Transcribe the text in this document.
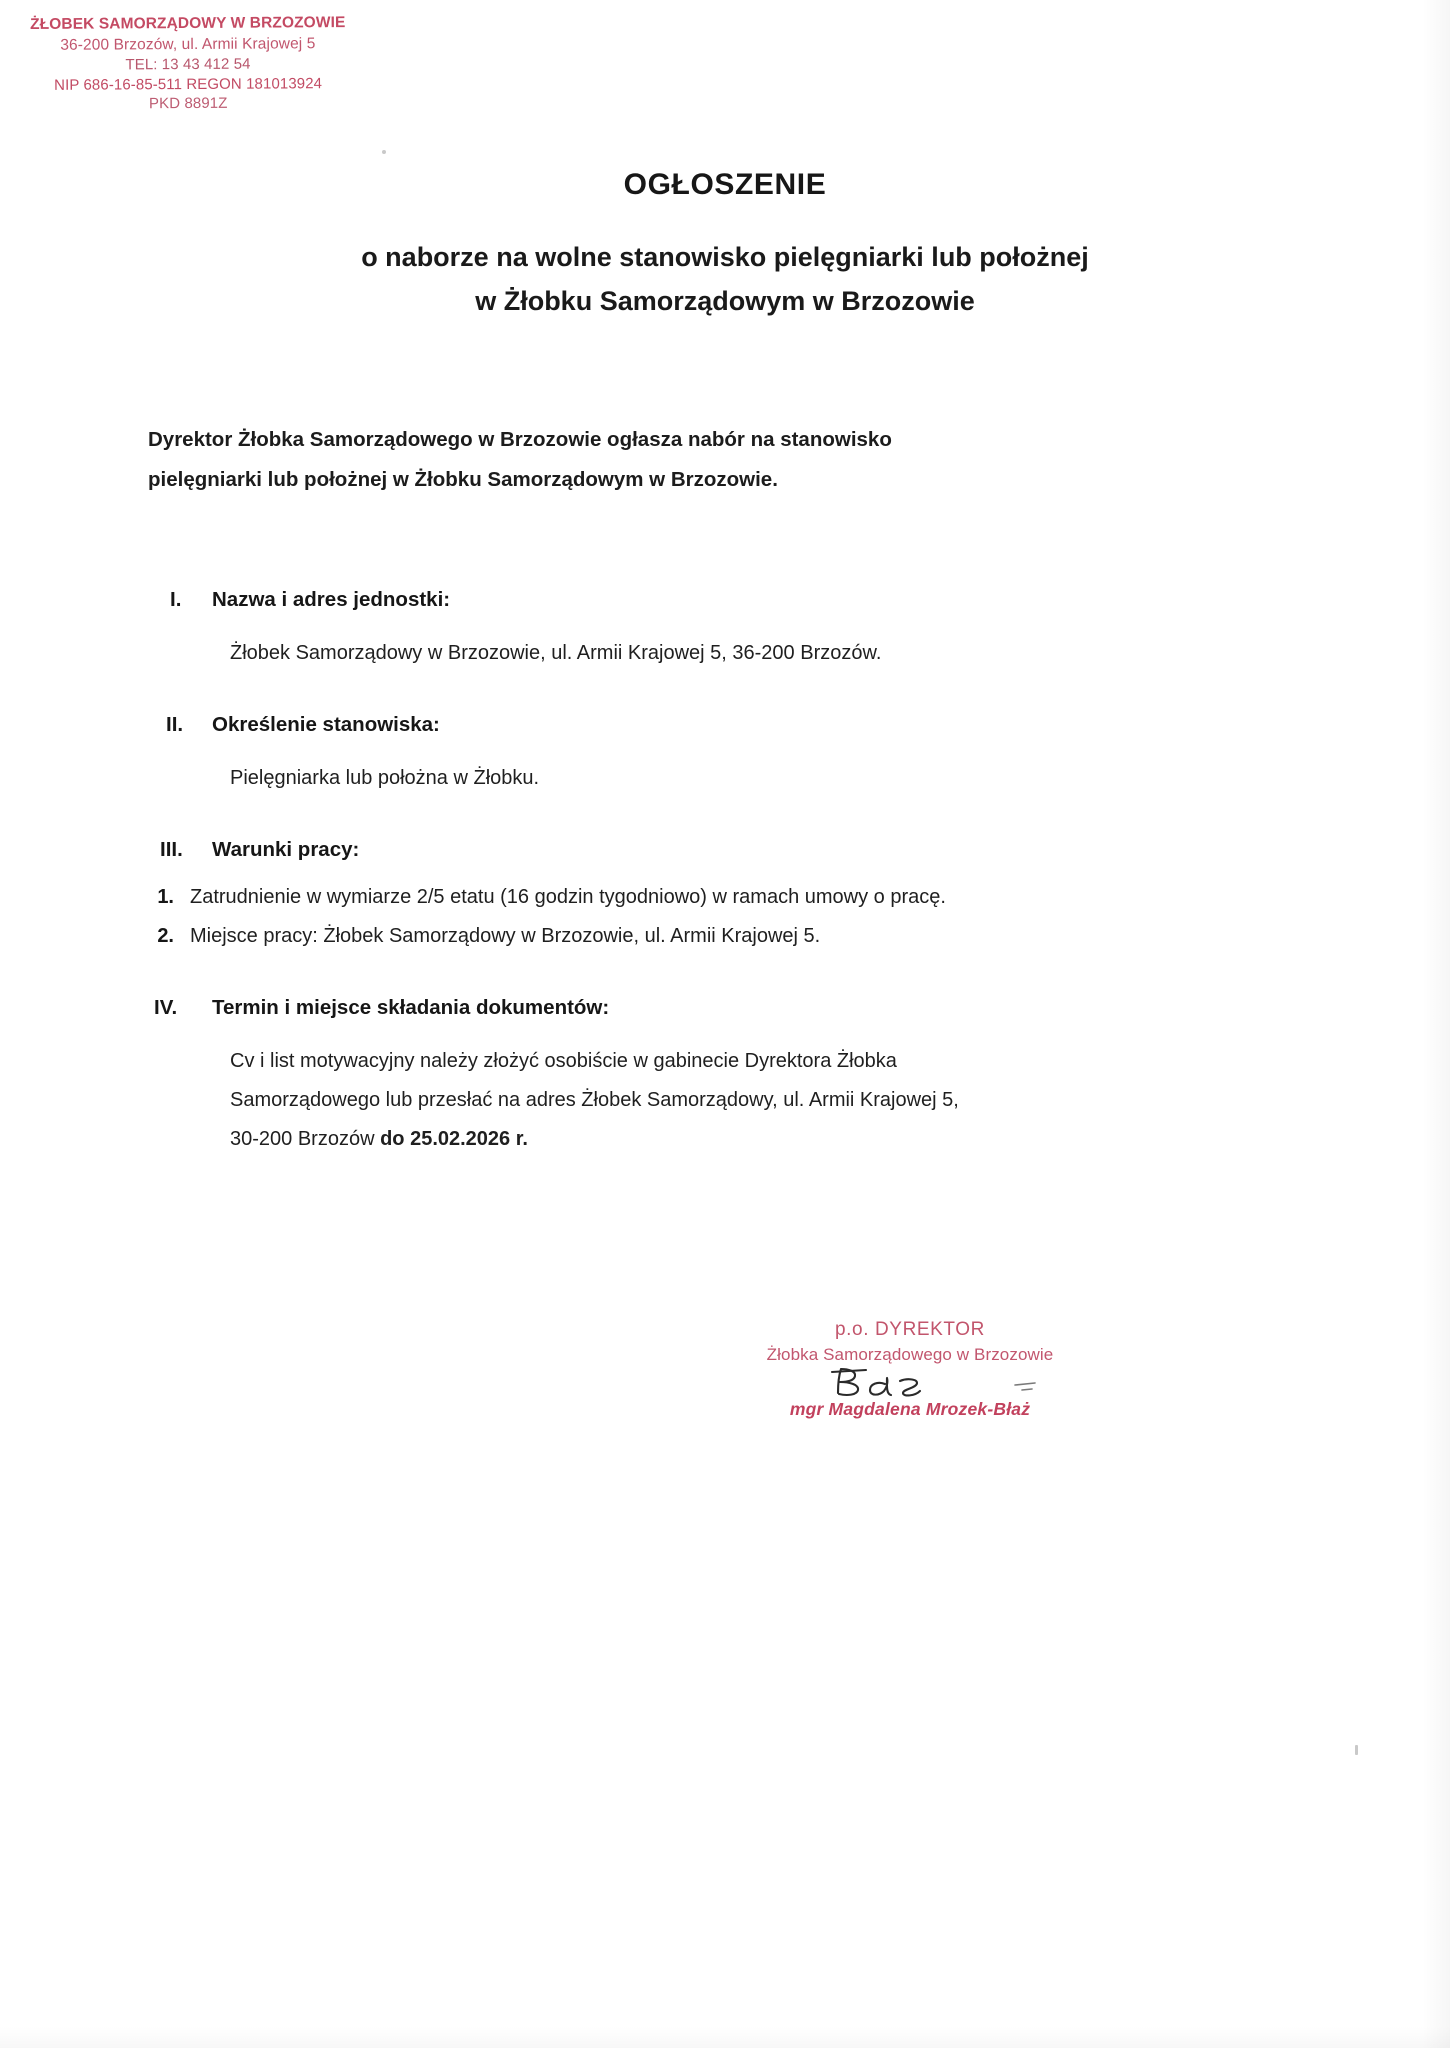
ŻŁOBEK SAMORZĄDOWY W BRZOZOWIE
36-200 Brzozów, ul. Armii Krajowej 5
TEL: 13 43 412 54
NIP 686-16-85-511 REGON 181013924
PKD 8891Z
OGŁOSZENIE
o naborze na wolne stanowisko pielęgniarki lub położnej
w Żłobku Samorządowym w Brzozowie
Dyrektor Żłobka Samorządowego w Brzozowie ogłasza nabór na stanowisko
pielęgniarki lub położnej w Żłobku Samorządowym w Brzozowie.
I.	Nazwa i adres jednostki:
Żłobek Samorządowy w Brzozowie, ul. Armii Krajowej 5, 36-200 Brzozów.
II.	Określenie stanowiska:
Pielęgniarka lub położna w Żłobku.
III.	Warunki pracy:
1. Zatrudnienie w wymiarze 2/5 etatu (16 godzin tygodniowo) w ramach umowy o pracę.
2. Miejsce pracy: Żłobek Samorządowy w Brzozowie, ul. Armii Krajowej 5.
IV.	Termin i miejsce składania dokumentów:
Cv i list motywacyjny należy złożyć osobiście w gabinecie Dyrektora Żłobka
Samorządowego lub przesłać na adres Żłobek Samorządowy, ul. Armii Krajowej 5,
30-200 Brzozów do 25.02.2026 r.
p.o. DYREKTOR
Żłobka Samorządowego w Brzozowie
mgr Magdalena Mrozek-Błaż
